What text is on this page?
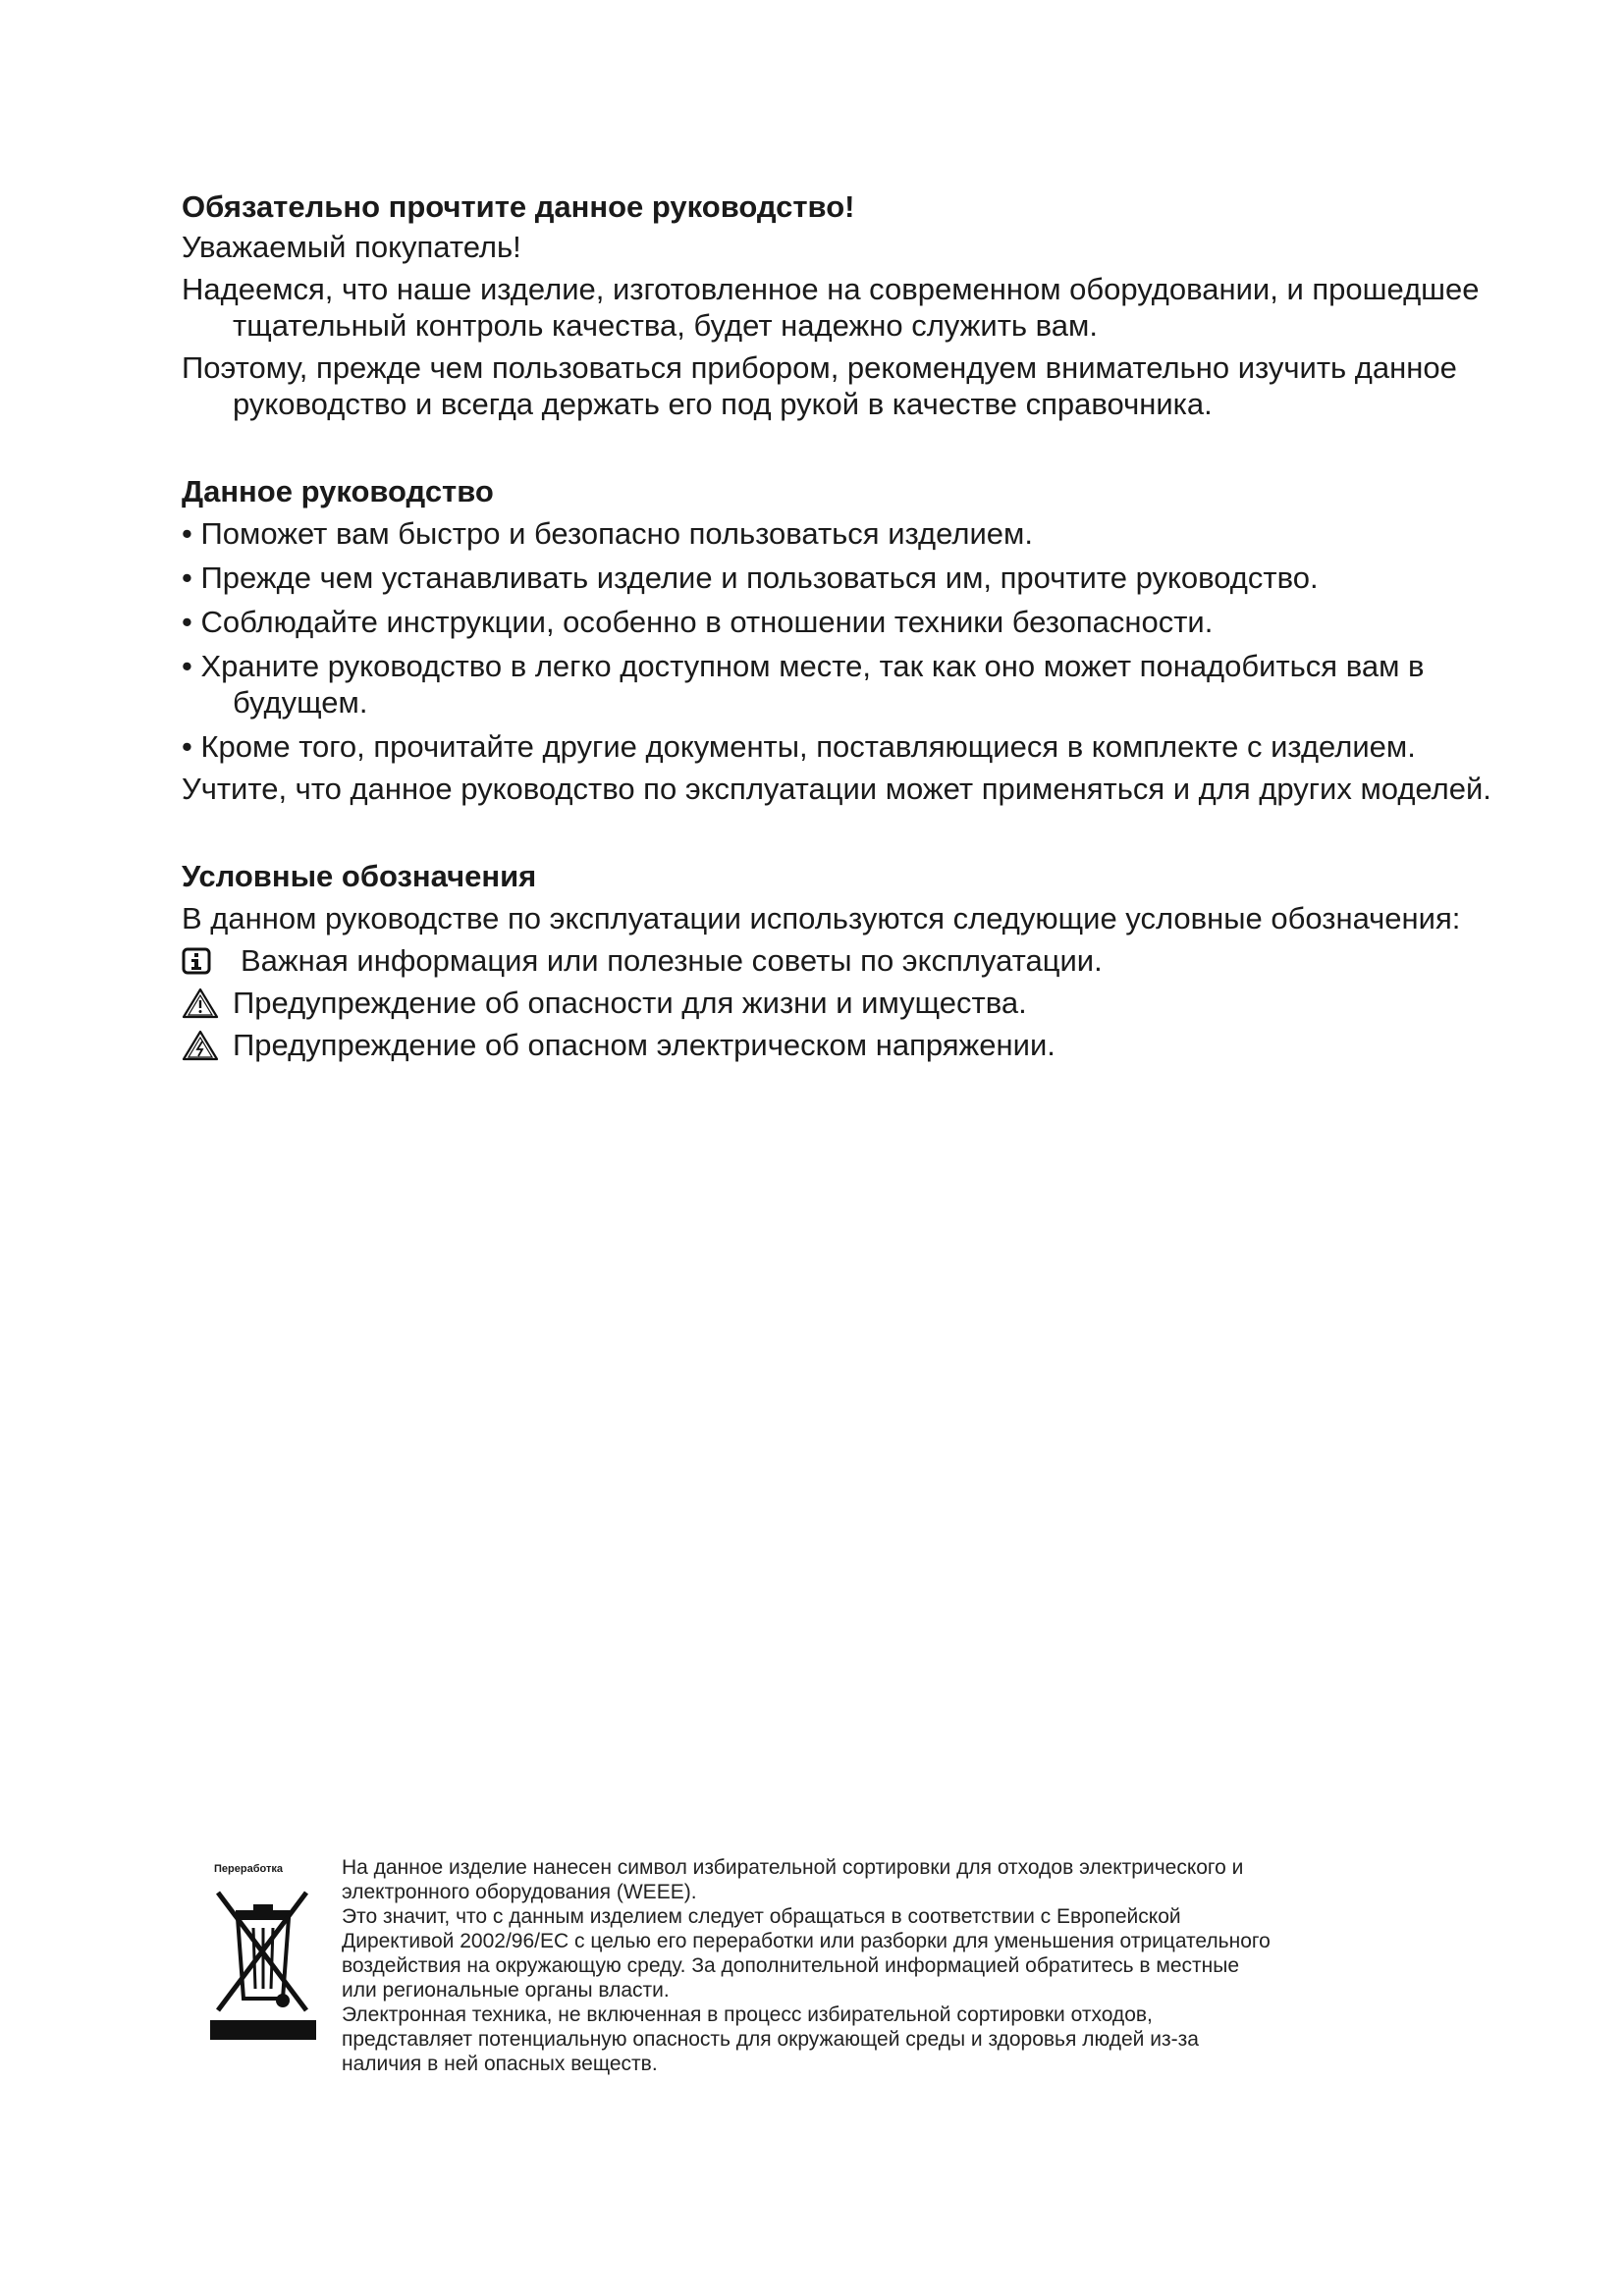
Обязательно прочтите данное руководство!

Уважаемый покупатель!

Надеемся, что наше изделие, изготовленное на современном оборудовании, и прошедшее тщательный контроль качества, будет надежно служить вам.

Поэтому, прежде чем пользоваться прибором, рекомендуем внимательно изучить данное руководство и всегда держать его под рукой в качестве справочника.

Данное руководство

• Поможет вам быстро и безопасно пользоваться изделием.

• Прежде чем устанавливать изделие и пользоваться им, прочтите руководство.

• Соблюдайте инструкции, особенно в отношении техники безопасности.

• Храните руководство в легко доступном месте, так как оно может понадобиться вам в будущем.

• Кроме того, прочитайте другие документы, поставляющиеся в комплекте с изделием.

Учтите, что данное руководство по эксплуатации может применяться и для других моделей.

Условные обозначения

В данном руководстве по эксплуатации используются следующие условные обозначения:

Важная информация или полезные советы по эксплуатации.
Предупреждение об опасности для жизни и имущества.
Предупреждение об опасном электрическом напряжении.
Переработка	На данное изделие нанесен символ избирательной сортировки для отходов электрического и
электронного оборудования (WEEE).
Это значит, что с данным изделием следует обращаться в соответствии с Европейской
Директивой 2002/96/EC с целью его переработки или разборки для уменьшения отрицательного
воздействия на окружающую среду. За дополнительной информацией обратитесь в местные
или региональные органы власти.
Электронная техника, не включенная в процесс избирательной сортировки отходов,
представляет потенциальную опасность для окружающей среды и здоровья людей из-за
наличия в ней опасных веществ.
